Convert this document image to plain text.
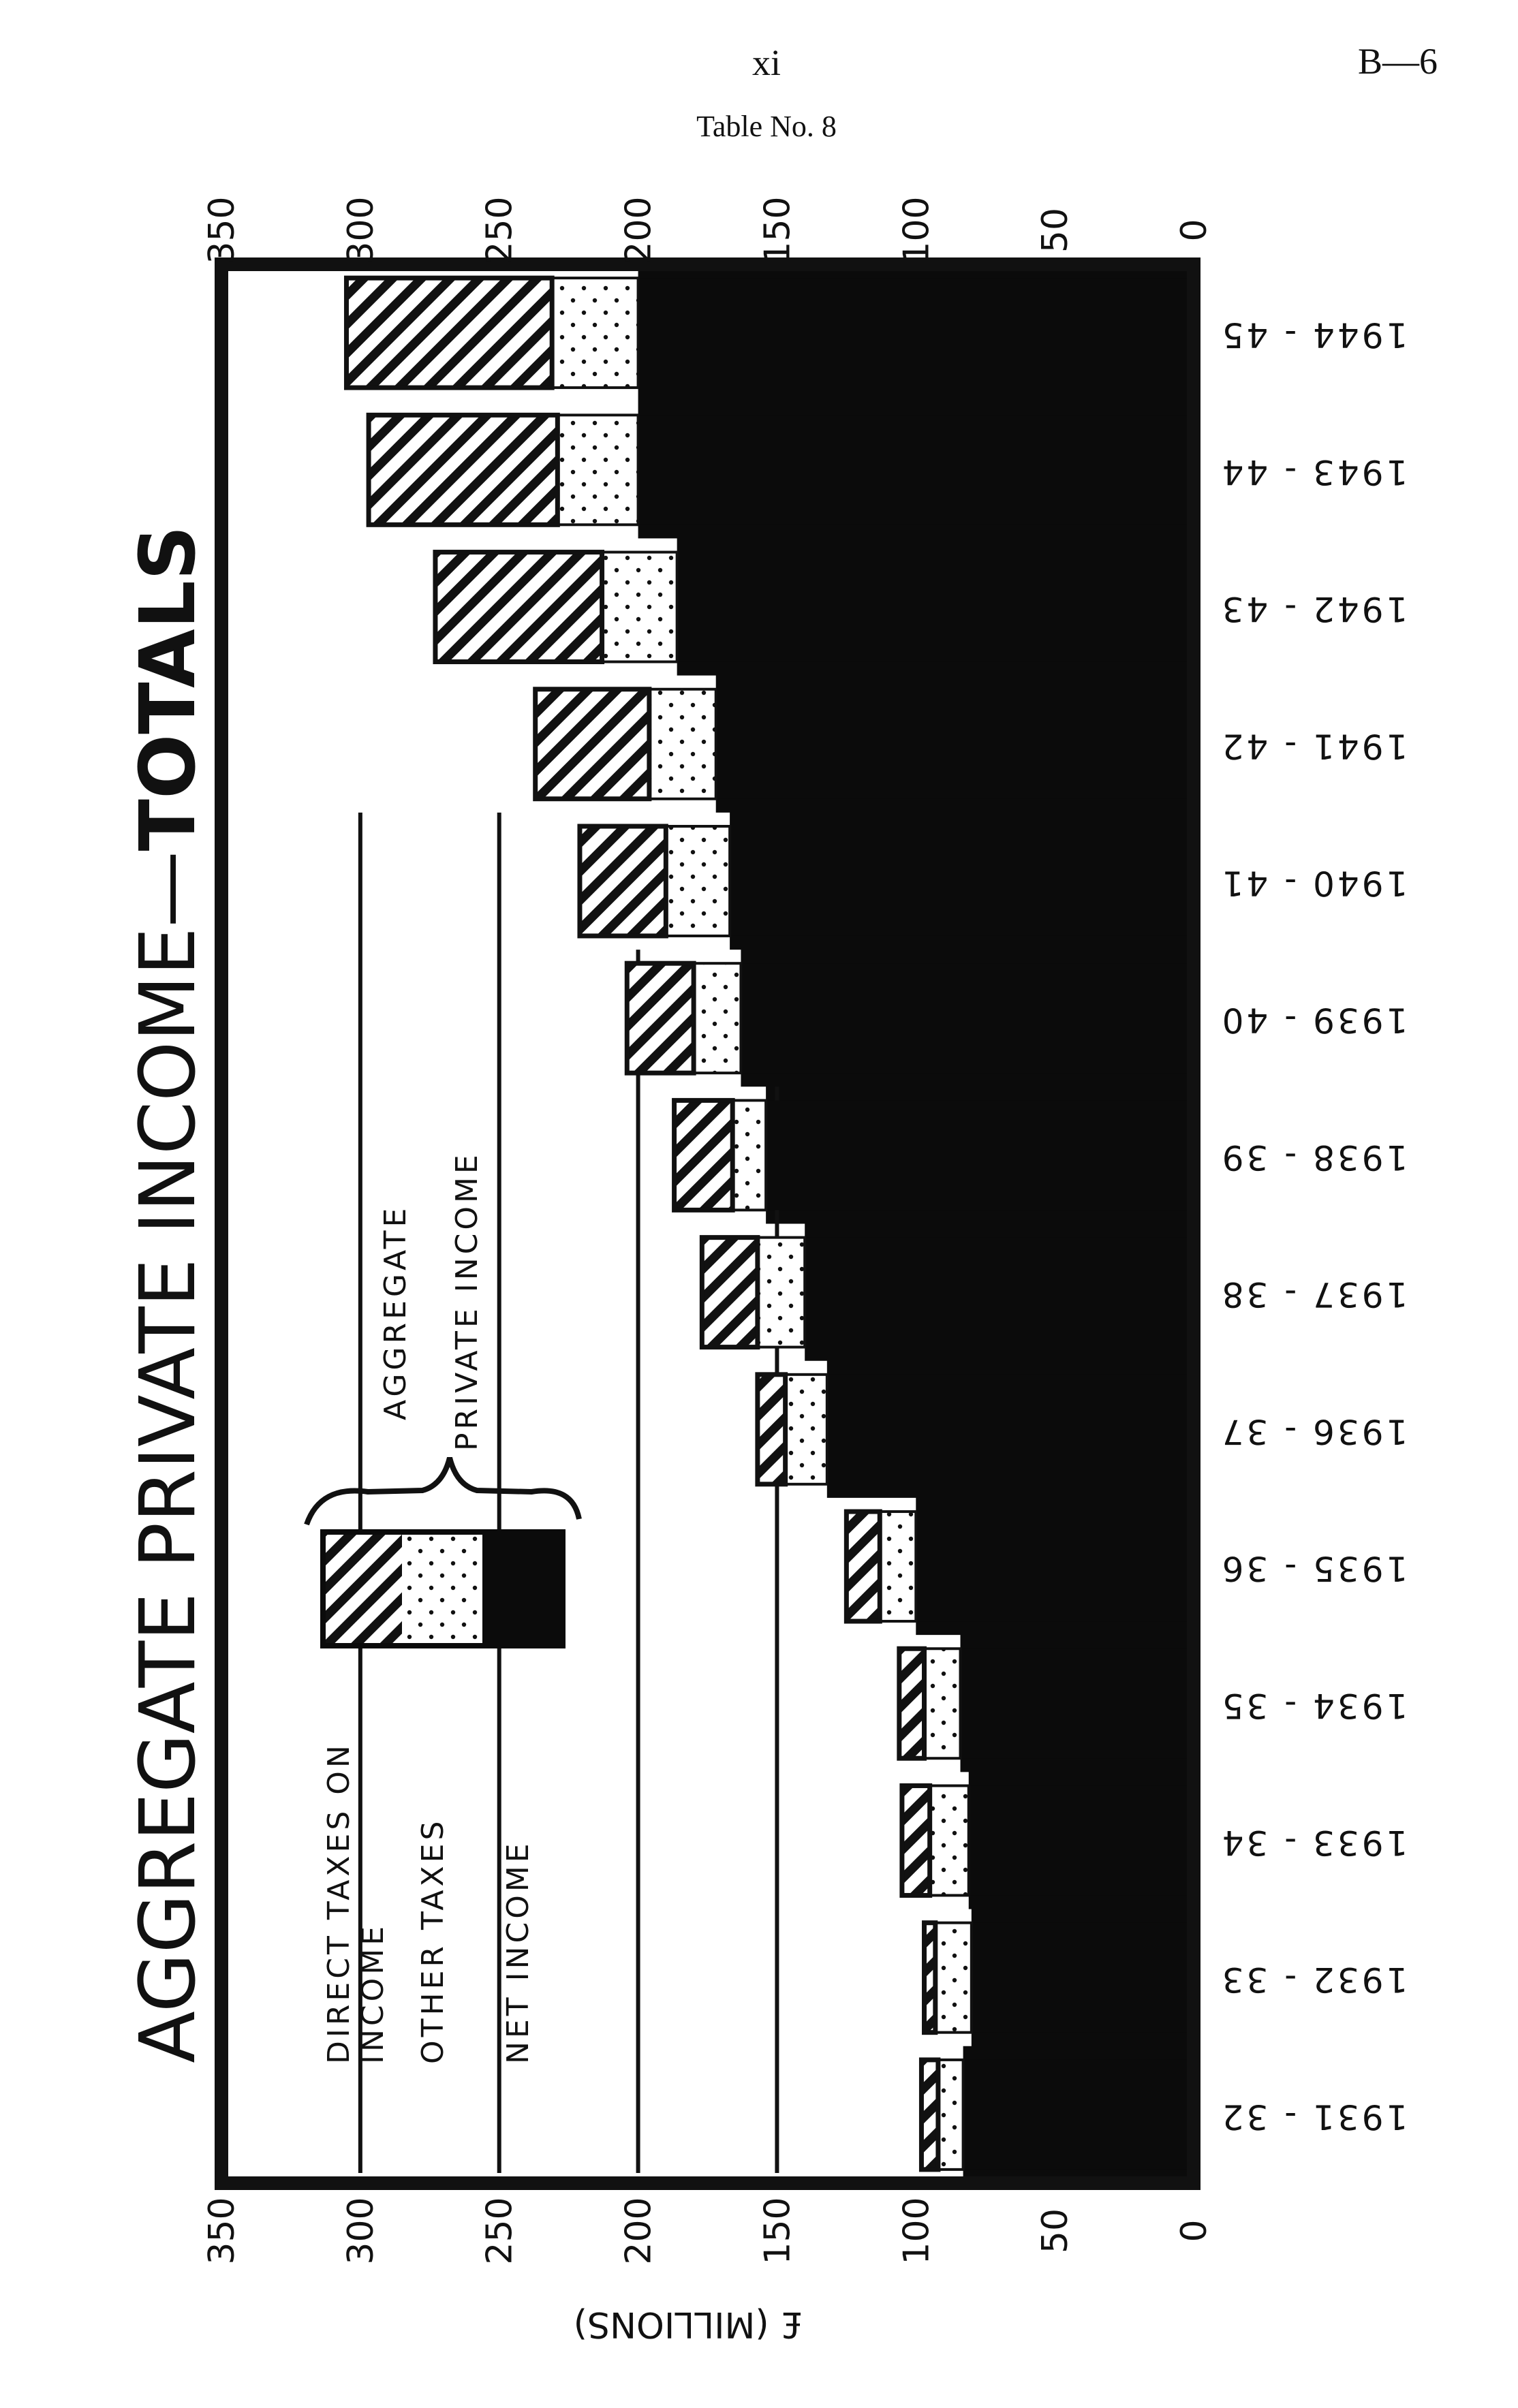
xi	B—6
Table No. 8
AGGREGATE PRIVATE INCOME—TOTALS
£ (MILLIONS)
0
50
100
150
200
250
300
350
0
50
100
150
200
250
300
350
1931 - 32
1932 - 33
1933 - 34
1934 - 35
1935 - 36
1936 - 37
1937 - 38
1938 - 39
1939 - 40
1940 - 41
1941 - 42
1942 - 43
1943 - 44
1944 - 45
DIRECT TAXES ON INCOME OTHER TAXES NET INCOME
AGGREGATE PRIVATE INCOME
